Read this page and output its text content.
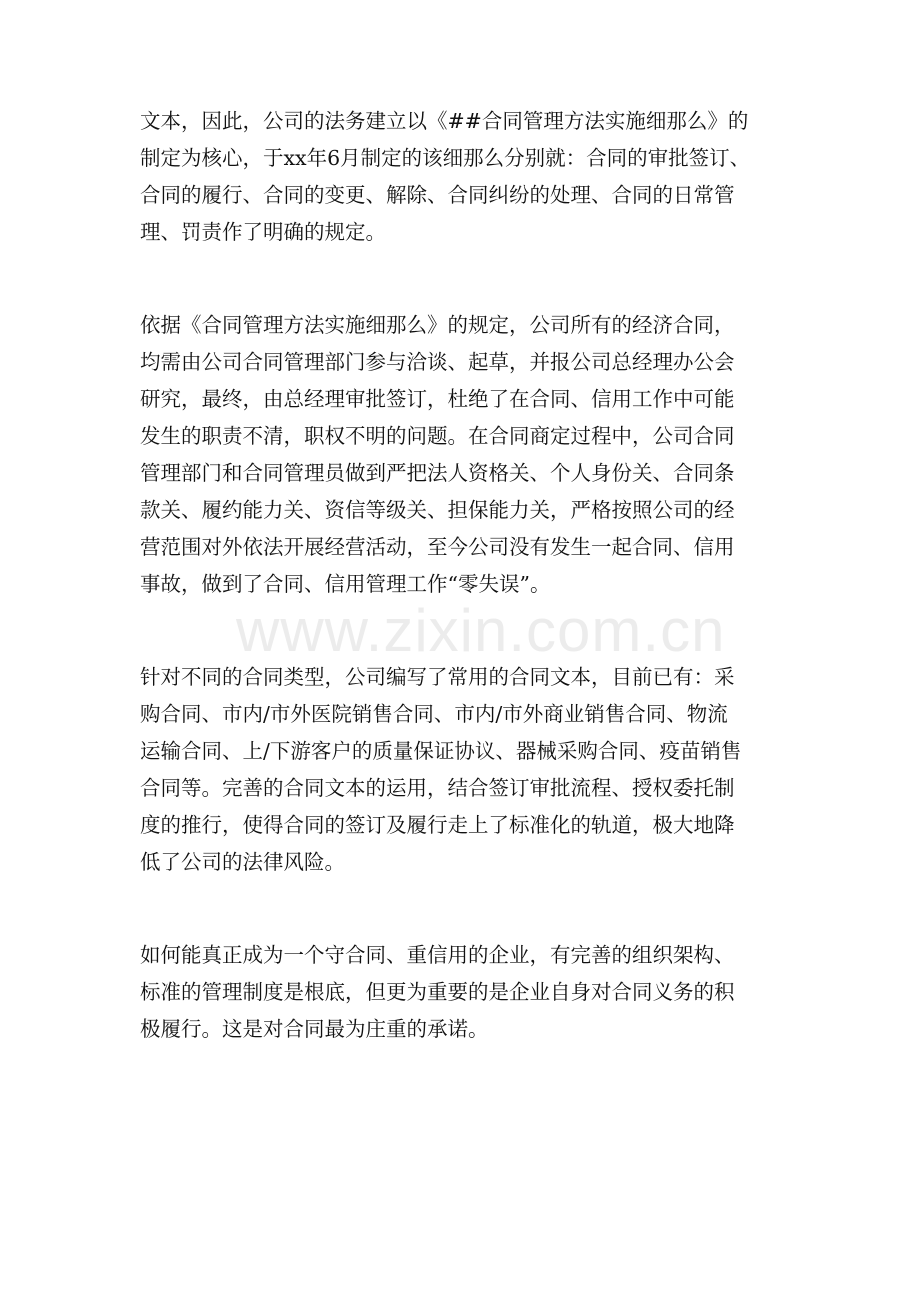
文本，因此，公司的法务建立以《##合同管理方法实施细那么》的
制定为核心，于xx年6月制定的该细那么分别就：合同的审批签订、
合同的履行、合同的变更、解除、合同纠纷的处理、合同的日常管
理、罚责作了明确的规定。

依据《合同管理方法实施细那么》的规定，公司所有的经济合同，
均需由公司合同管理部门参与洽谈、起草，并报公司总经理办公会
研究，最终，由总经理审批签订，杜绝了在合同、信用工作中可能
发生的职责不清，职权不明的问题。在合同商定过程中，公司合同
管理部门和合同管理员做到严把法人资格关、个人身份关、合同条
款关、履约能力关、资信等级关、担保能力关，严格按照公司的经
营范围对外依法开展经营活动，至今公司没有发生一起合同、信用
事故，做到了合同、信用管理工作“零失误”。

针对不同的合同类型，公司编写了常用的合同文本，目前已有：采
购合同、市内/市外医院销售合同、市内/市外商业销售合同、物流
运输合同、上/下游客户的质量保证协议、器械采购合同、疫苗销售
合同等。完善的合同文本的运用，结合签订审批流程、授权委托制
度的推行，使得合同的签订及履行走上了标准化的轨道，极大地降
低了公司的法律风险。

如何能真正成为一个守合同、重信用的企业，有完善的组织架构、
标准的管理制度是根底，但更为重要的是企业自身对合同义务的积
极履行。这是对合同最为庄重的承诺。

www.zixin.com.cn
